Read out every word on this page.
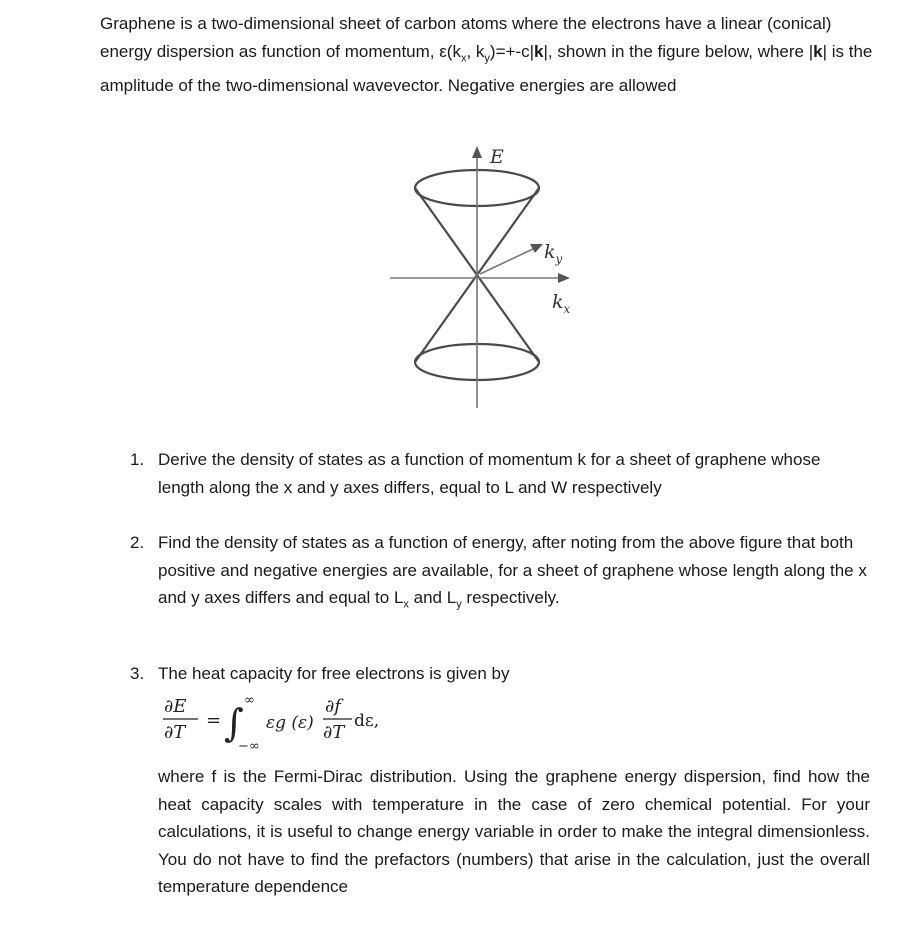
Graphene is a two-dimensional sheet of carbon atoms where the electrons have a linear (conical) energy dispersion as function of momentum, $\varepsilon(k_x$, $k_y)=+-c|k|$, shown in the figure below, where |k| is the amplitude of the two-dimensional wavevector. Negative energies are allowed

E
$k_y$
$k_x$
1. Derive the density of states as a function of momentum k for a sheet of graphene whose length along the x and y axes differs, equal to L and W respectively
2. Find the density of states as a function of energy, after noting from the above figure that both positive and negative energies are available, for a sheet of graphene whose length along the x and y axes differs and equal to $L_x$ and $L_y$ respectively.
3. The heat capacity for free electrons is given by
∂E
∂T
= ∫
∞
−∞
εg (ε)
∂f
∂T
dε,
where f is the Fermi-Dirac distribution. Using the graphene energy dispersion, find how the heat capacity scales with temperature in the case of zero chemical potential. For your calculations, it is useful to change energy variable in order to make the integral dimensionless. You do not have to find the prefactors (numbers) that arise in the calculation, just the overall temperature dependence
